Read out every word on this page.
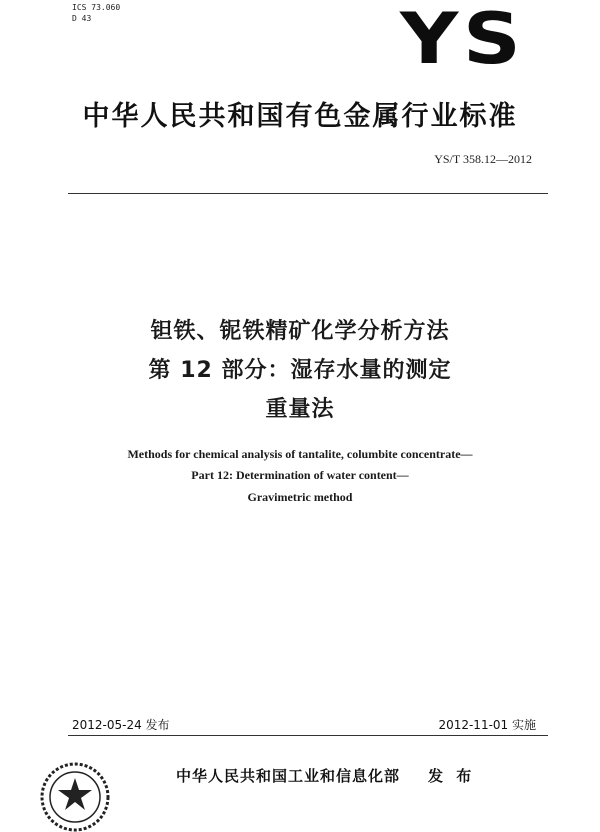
ICS 73.060
D 43	YS
中华人民共和国有色金属行业标准
YS/T 358.12—2012
钽铁、铌铁精矿化学分析方法
第 12 部分：湿存水量的测定
重量法
Methods for chemical analysis of tantalite, columbite concentrate—
Part 12: Determination of water content—
Gravimetric method
2012-05-24 发布	2012-11-01 实施
中华人民共和国工业和信息化部 发 布
